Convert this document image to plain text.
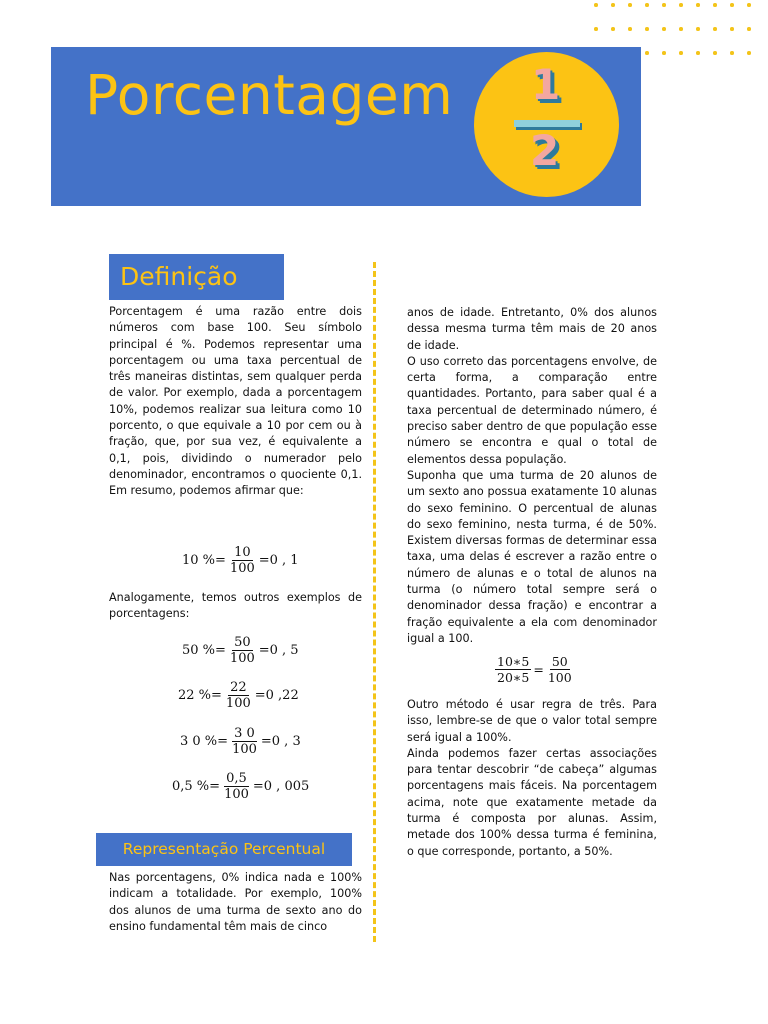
Porcentagem 1
2
Definição

Porcentagem é uma razão entre dois números com base 100. Seu símbolo principal é %. Podemos representar uma porcentagem ou uma taxa percentual de três maneiras distintas, sem qualquer perda de valor. Por exemplo, dada a porcentagem 10%, podemos realizar sua leitura como 10 porcento, o que equivale a 10 por cem ou à fração, que, por sua vez, é equivalente a 0,1, pois, dividindo o numerador pelo denominador, encontramos o quociente 0,1. Em resumo, podemos afirmar que:

10 %= $\frac{10}{100} =0$ , 1

Analogamente, temos outros exemplos de porcentagens:

50 %= $\frac{50}{100} =0$ , 5
22 %= $\frac{22}{100} =0$ ,22
3 0 %= $\frac{3 0}{100} =0$ , 3
0,5 %= $\frac{0,5}{100} =0$ , 005
Representação Percentual

Nas porcentagens, 0% indica nada e 100% indicam a totalidade. Por exemplo, 100% dos alunos de uma turma de sexto ano do ensino fundamental têm mais de cinco

anos de idade. Entretanto, 0% dos alunos dessa mesma turma têm mais de 20 anos de idade.

O uso correto das porcentagens envolve, de certa forma, a comparação entre quantidades. Portanto, para saber qual é a taxa percentual de determinado número, é preciso saber dentro de que população esse número se encontra e qual o total de elementos dessa população.

Suponha que uma turma de 20 alunos de um sexto ano possua exatamente 10 alunas do sexo feminino. O percentual de alunas do sexo feminino, nesta turma, é de 50%. Existem diversas formas de determinar essa taxa, uma delas é escrever a razão entre o número de alunas e o total de alunos na turma (o número total sempre será o denominador dessa fração) e encontrar a fração equivalente a ela com denominador igual a 100.

$\frac{10∗5}{20∗5} = \frac{50}{100}$

Outro método é usar regra de três. Para isso, lembre-se de que o valor total sempre será igual a 100%.

Ainda podemos fazer certas associações para tentar descobrir “de cabeça” algumas porcentagens mais fáceis. Na porcentagem acima, note que exatamente metade da turma é composta por alunas. Assim, metade dos 100% dessa turma é feminina, o que corresponde, portanto, a 50%.
